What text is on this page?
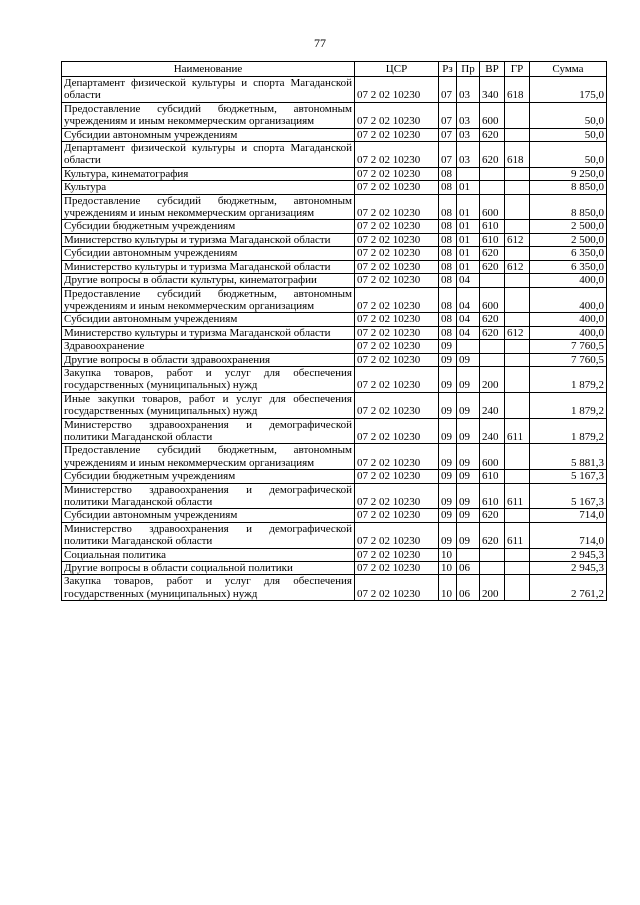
77
Наименование	ЦСР	Рз	Пр	ВР	ГР	Сумма
Департамент физической культуры и спорта Магаданской области	07 2 02 10230	07	03	340	618	175,0
Предоставление субсидий бюджетным, автономным учреждениям и иным некоммерческим организациям	07 2 02 10230	07	03	600		50,0
Субсидии автономным учреждениям	07 2 02 10230	07	03	620		50,0
Департамент физической культуры и спорта Магаданской области	07 2 02 10230	07	03	620	618	50,0
Культура, кинематография	07 2 02 10230	08				9 250,0
Культура	07 2 02 10230	08	01			8 850,0
Предоставление субсидий бюджетным, автономным учреждениям и иным некоммерческим организациям	07 2 02 10230	08	01	600		8 850,0
Субсидии бюджетным учреждениям	07 2 02 10230	08	01	610		2 500,0
Министерство культуры и туризма Магаданской области	07 2 02 10230	08	01	610	612	2 500,0
Субсидии автономным учреждениям	07 2 02 10230	08	01	620		6 350,0
Министерство культуры и туризма Магаданской области	07 2 02 10230	08	01	620	612	6 350,0
Другие вопросы в области культуры, кинематографии	07 2 02 10230	08	04			400,0
Предоставление субсидий бюджетным, автономным учреждениям и иным некоммерческим организациям	07 2 02 10230	08	04	600		400,0
Субсидии автономным учреждениям	07 2 02 10230	08	04	620		400,0
Министерство культуры и туризма Магаданской области	07 2 02 10230	08	04	620	612	400,0
Здравоохранение	07 2 02 10230	09				7 760,5
Другие вопросы в области здравоохранения	07 2 02 10230	09	09			7 760,5
Закупка товаров, работ и услуг для обеспечения государственных (муниципальных) нужд	07 2 02 10230	09	09	200		1 879,2
Иные закупки товаров, работ и услуг для обеспечения государственных (муниципальных) нужд	07 2 02 10230	09	09	240		1 879,2
Министерство здравоохранения и демографической политики Магаданской области	07 2 02 10230	09	09	240	611	1 879,2
Предоставление субсидий бюджетным, автономным учреждениям и иным некоммерческим организациям	07 2 02 10230	09	09	600		5 881,3
Субсидии бюджетным учреждениям	07 2 02 10230	09	09	610		5 167,3
Министерство здравоохранения и демографической политики Магаданской области	07 2 02 10230	09	09	610	611	5 167,3
Субсидии автономным учреждениям	07 2 02 10230	09	09	620		714,0
Министерство здравоохранения и демографической политики Магаданской области	07 2 02 10230	09	09	620	611	714,0
Социальная политика	07 2 02 10230	10				2 945,3
Другие вопросы в области социальной политики	07 2 02 10230	10	06			2 945,3
Закупка товаров, работ и услуг для обеспечения государственных (муниципальных) нужд	07 2 02 10230	10	06	200		2 761,2
